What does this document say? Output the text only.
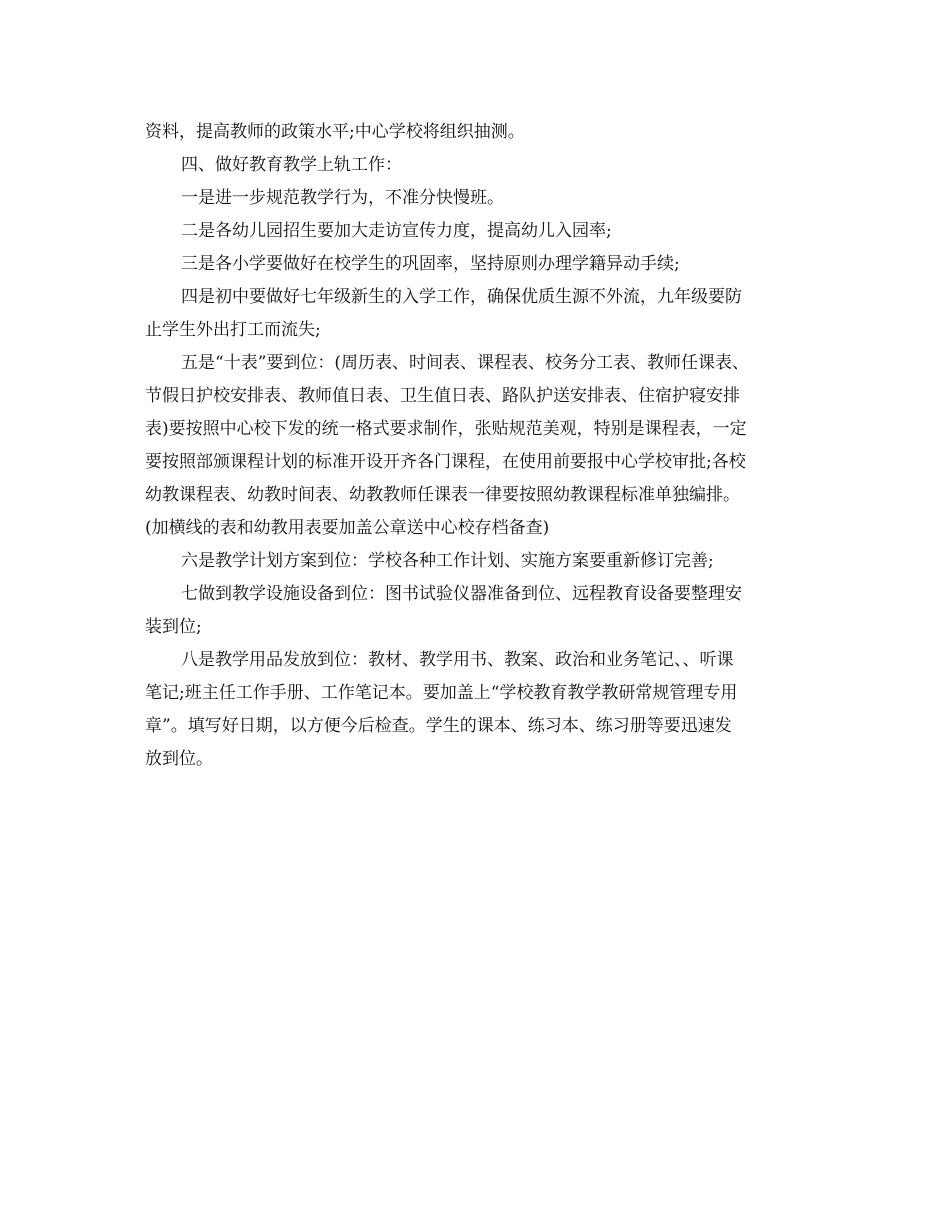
资料，提高教师的政策水平;中心学校将组织抽测。

四、做好教育教学上轨工作：

一是进一步规范教学行为，不准分快慢班。

二是各幼儿园招生要加大走访宣传力度，提高幼儿入园率;

三是各小学要做好在校学生的巩固率，坚持原则办理学籍异动手续;

四是初中要做好七年级新生的入学工作，确保优质生源不外流，九年级要防
止学生外出打工而流失;

五是“十表”要到位：(周历表、时间表、课程表、校务分工表、教师任课表、
节假日护校安排表、教师值日表、卫生值日表、路队护送安排表、住宿护寝安排
表)要按照中心校下发的统一格式要求制作，张贴规范美观，特别是课程表，一定
要按照部颁课程计划的标准开设开齐各门课程，在使用前要报中心学校审批;各校
幼教课程表、幼教时间表、幼教教师任课表一律要按照幼教课程标准单独编排。
(加横线的表和幼教用表要加盖公章送中心校存档备查)

六是教学计划方案到位：学校各种工作计划、实施方案要重新修订完善;

七做到教学设施设备到位：图书试验仪器准备到位、远程教育设备要整理安
装到位;

八是教学用品发放到位：教材、教学用书、教案、政治和业务笔记、、听课
笔记;班主任工作手册、工作笔记本。要加盖上“学校教育教学教研常规管理专用
章”。填写好日期，以方便今后检查。学生的课本、练习本、练习册等要迅速发
放到位。
